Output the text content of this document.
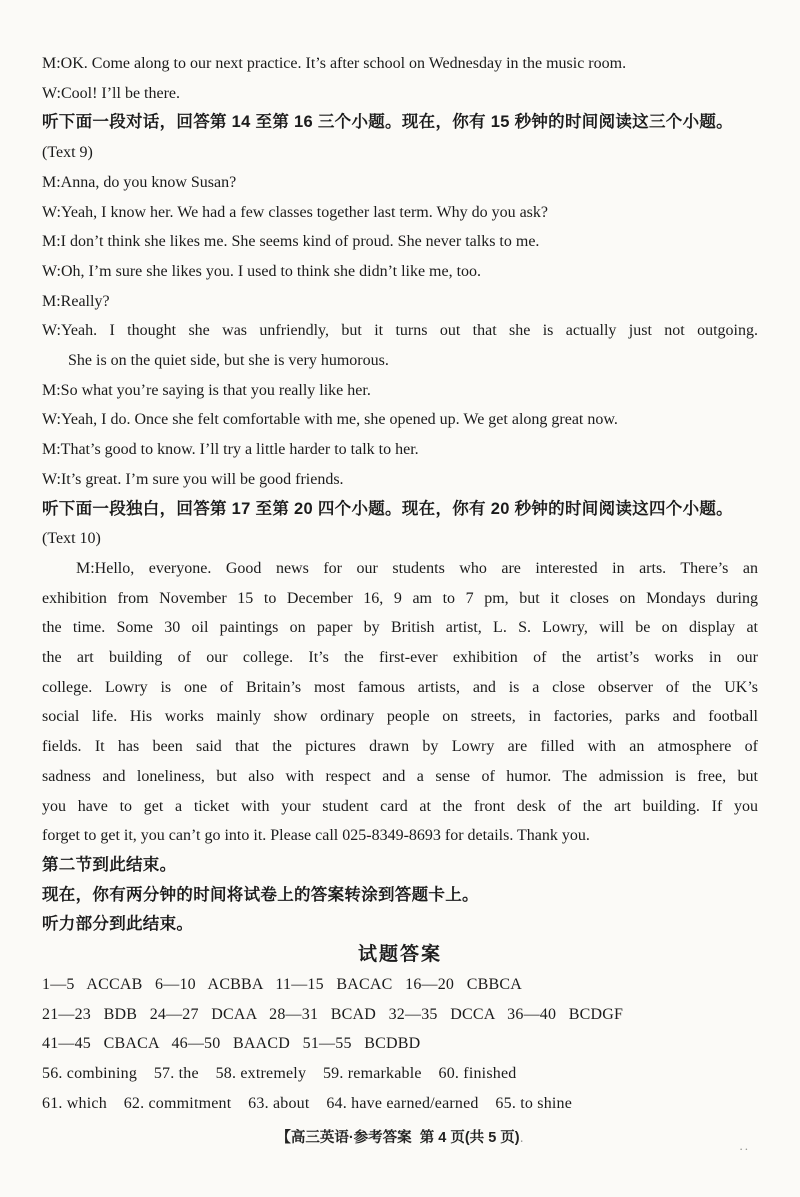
M:OK. Come along to our next practice. It’s after school on Wednesday in the music room.

W:Cool! I’ll be there.

听下面一段对话，回答第 14 至第 16 三个小题。现在，你有 15 秒钟的时间阅读这三个小题。

(Text 9)

M:Anna, do you know Susan?

W:Yeah, I know her. We had a few classes together last term. Why do you ask?

M:I don’t think she likes me. She seems kind of proud. She never talks to me.

W:Oh, I’m sure she likes you. I used to think she didn’t like me, too.

M:Really?

W:Yeah. I thought she was unfriendly, but it turns out that she is actually just not outgoing.

She is on the quiet side, but she is very humorous.

M:So what you’re saying is that you really like her.

W:Yeah, I do. Once she felt comfortable with me, she opened up. We get along great now.

M:That’s good to know. I’ll try a little harder to talk to her.

W:It’s great. I’m sure you will be good friends.

听下面一段独白，回答第 17 至第 20 四个小题。现在，你有 20 秒钟的时间阅读这四个小题。

(Text 10)

M:Hello, everyone. Good news for our students who are interested in arts. There’s an

exhibition from November 15 to December 16, 9 am to 7 pm, but it closes on Mondays during

the time. Some 30 oil paintings on paper by British artist, L. S. Lowry, will be on display at

the art building of our college. It’s the first-ever exhibition of the artist’s works in our

college. Lowry is one of Britain’s most famous artists, and is a close observer of the UK’s

social life. His works mainly show ordinary people on streets, in factories, parks and football

fields. It has been said that the pictures drawn by Lowry are filled with an atmosphere of

sadness and loneliness, but also with respect and a sense of humor. The admission is free, but

you have to get a ticket with your student card at the front desk of the art building. If you

forget to get it, you can’t go into it. Please call 025-8349-8693 for details. Thank you.

第二节到此结束。

现在，你有两分钟的时间将试卷上的答案转涂到答题卡上。

听力部分到此结束。

试题答案

1—5   ACCAB   6—10   ACBBA   11—15   BACAC   16—20   CBBCA

21—23   BDB   24—27   DCAA   28—31   BCAD   32—35   DCCA   36—40   BCDGF

41—45   CBACA   46—50   BAACD   51—55   BCDBD

56. combining    57. the    58. extremely    59. remarkable    60. finished

61. which    62. commitment    63. about    64. have earned/earned    65. to shine

【高三英语·参考答案  第 4 页(共 5 页).	..
